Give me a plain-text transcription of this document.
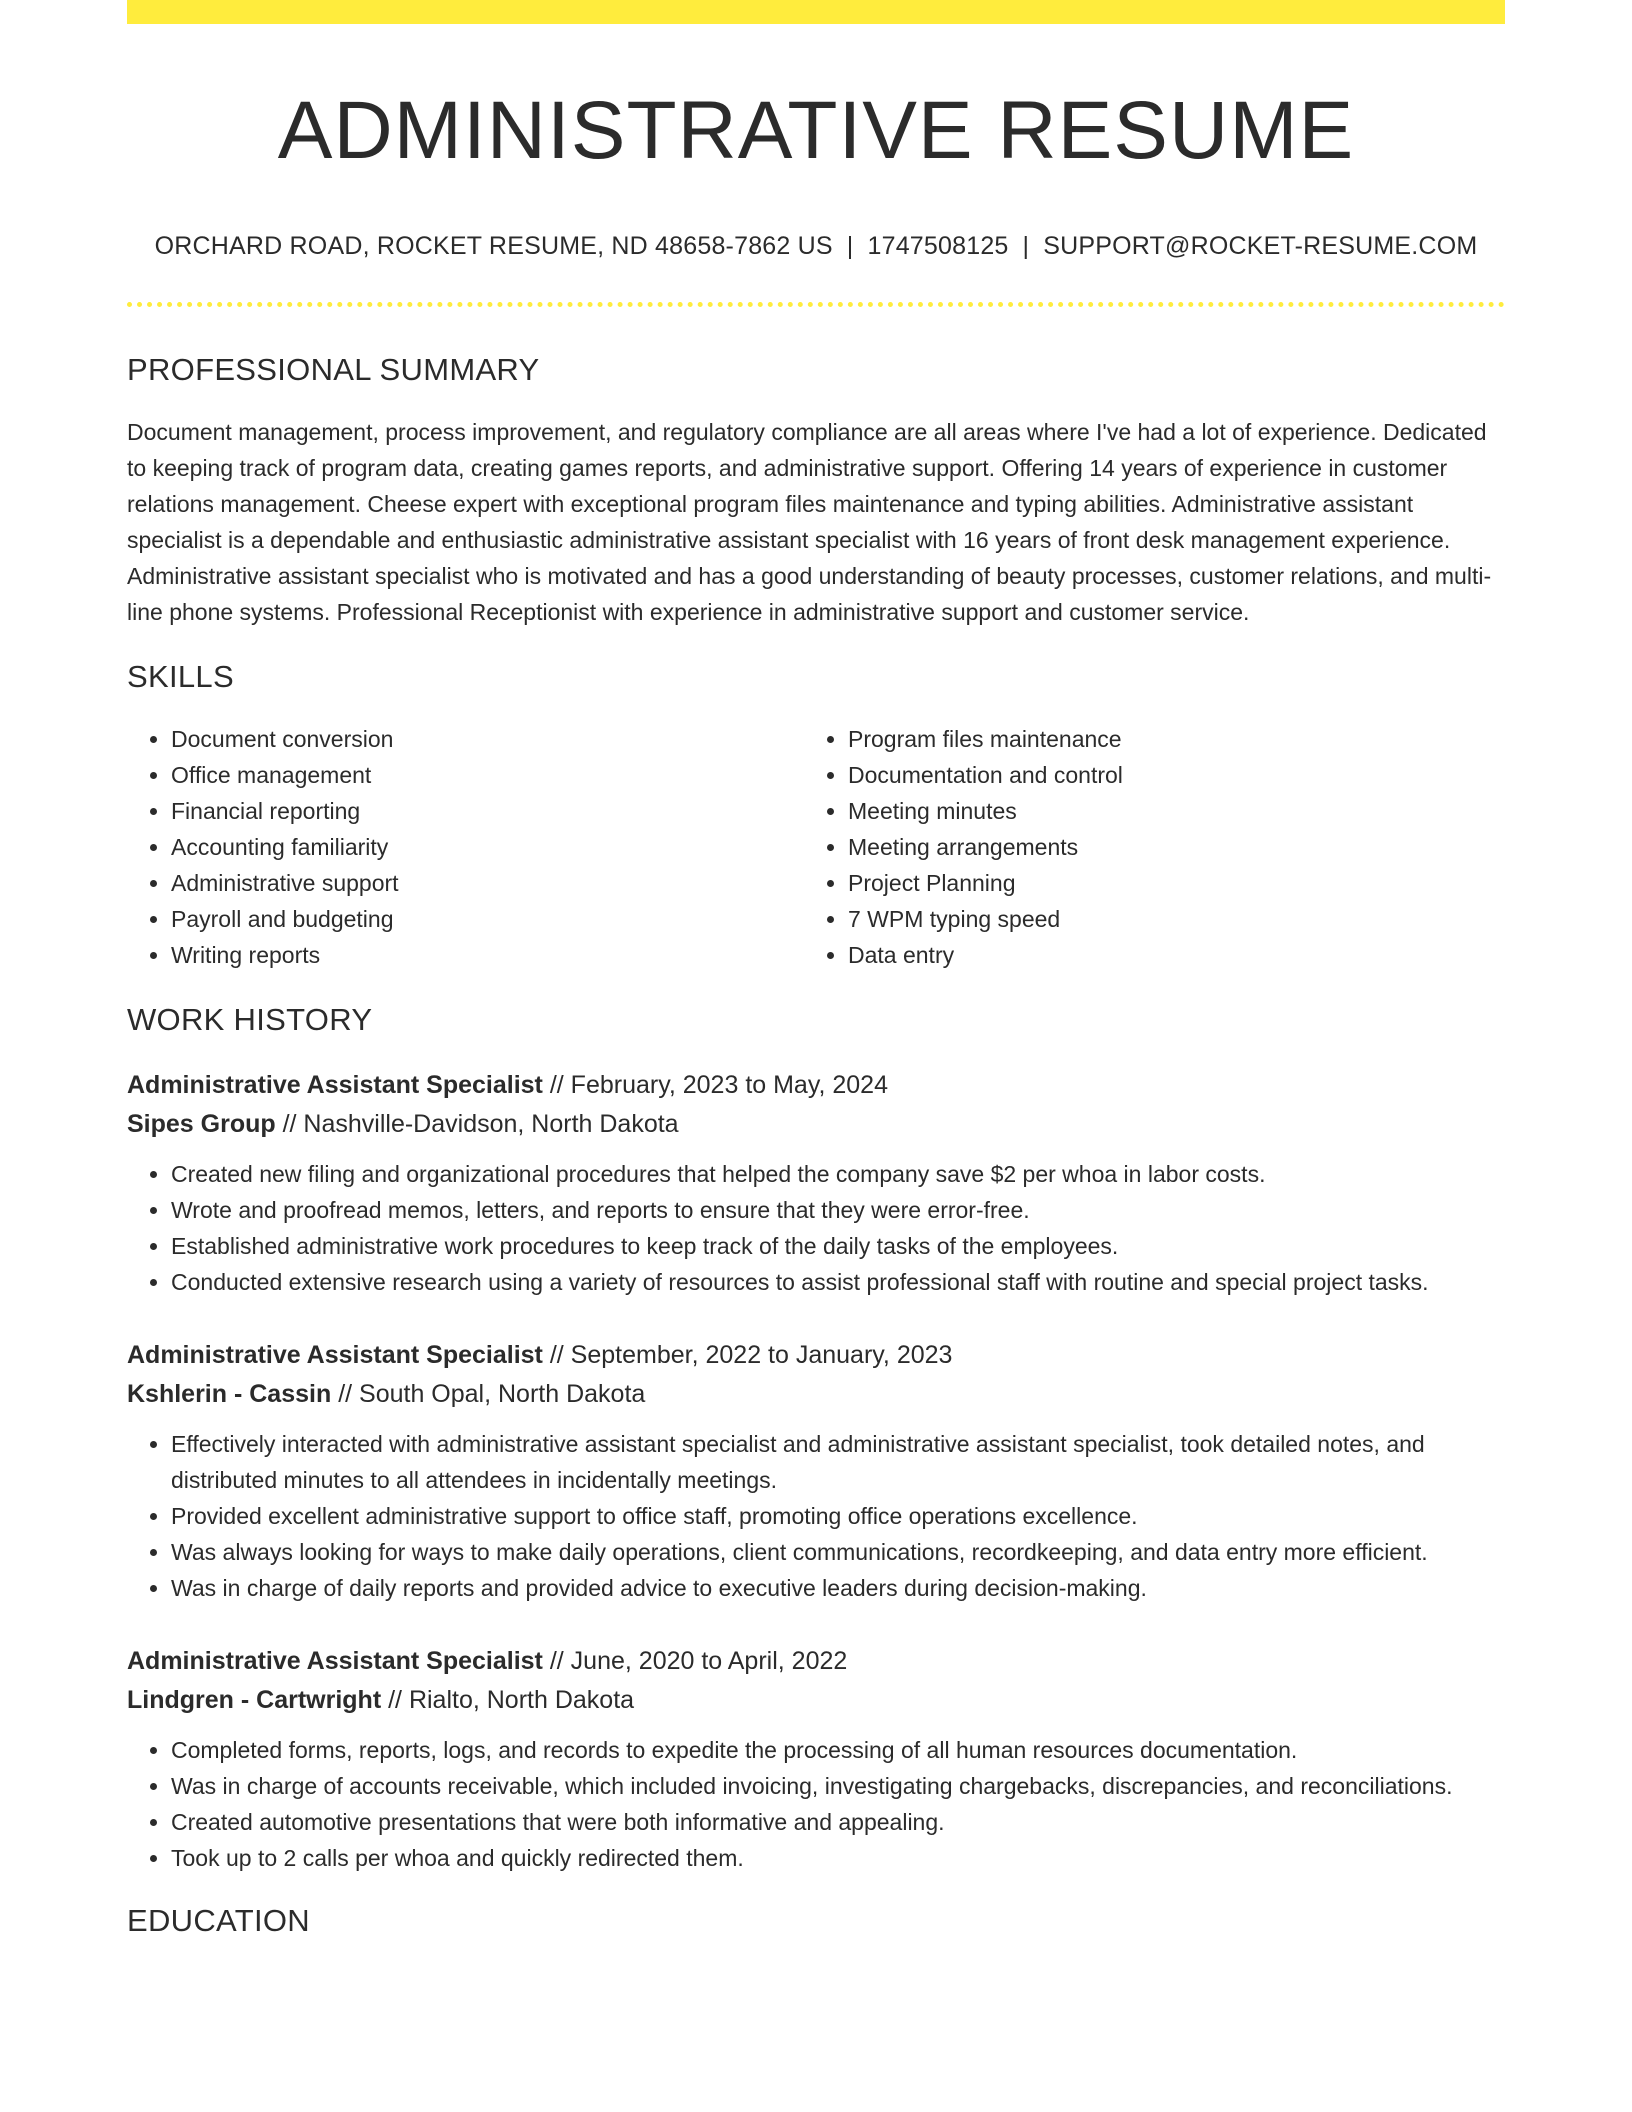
ADMINISTRATIVE RESUME
ORCHARD ROAD, ROCKET RESUME, ND 48658-7862 US | 1747508125 | SUPPORT@ROCKET-RESUME.COM
PROFESSIONAL SUMMARY

Document management, process improvement, and regulatory compliance are all areas where I've had a lot of experience. Dedicated to keeping track of program data, creating games reports, and administrative support. Offering 14 years of experience in customer relations management. Cheese expert with exceptional program files maintenance and typing abilities. Administrative assistant specialist is a dependable and enthusiastic administrative assistant specialist with 16 years of front desk management experience. Administrative assistant specialist who is motivated and has a good understanding of beauty processes, customer relations, and multi-line phone systems. Professional Receptionist with experience in administrative support and customer service.

SKILLS
• Document conversion
• Office management
• Financial reporting
• Accounting familiarity
• Administrative support
• Payroll and budgeting
• Writing reports
• Program files maintenance
• Documentation and control
• Meeting minutes
• Meeting arrangements
• Project Planning
• 7 WPM typing speed
• Data entry
WORK HISTORY
Administrative Assistant Specialist // February, 2023 to May, 2024
Sipes Group // Nashville-Davidson, North Dakota
• Created new filing and organizational procedures that helped the company save $2 per whoa in labor costs.
• Wrote and proofread memos, letters, and reports to ensure that they were error-free.
• Established administrative work procedures to keep track of the daily tasks of the employees.
• Conducted extensive research using a variety of resources to assist professional staff with routine and special project tasks.
Administrative Assistant Specialist // September, 2022 to January, 2023
Kshlerin - Cassin // South Opal, North Dakota
• Effectively interacted with administrative assistant specialist and administrative assistant specialist, took detailed notes, and distributed minutes to all attendees in incidentally meetings.
• Provided excellent administrative support to office staff, promoting office operations excellence.
• Was always looking for ways to make daily operations, client communications, recordkeeping, and data entry more efficient.
• Was in charge of daily reports and provided advice to executive leaders during decision-making.
Administrative Assistant Specialist // June, 2020 to April, 2022
Lindgren - Cartwright // Rialto, North Dakota
• Completed forms, reports, logs, and records to expedite the processing of all human resources documentation.
• Was in charge of accounts receivable, which included invoicing, investigating chargebacks, discrepancies, and reconciliations.
• Created automotive presentations that were both informative and appealing.
• Took up to 2 calls per whoa and quickly redirected them.
EDUCATION
